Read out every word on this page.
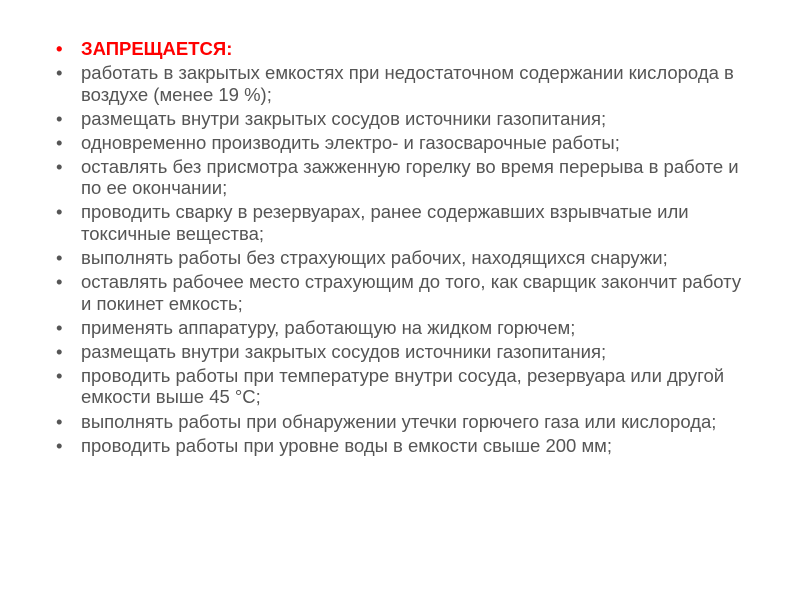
• ЗАПРЕЩАЕТСЯ:
• работать в закрытых емкостях при недостаточном содержании кислорода в воздухе (менее 19 %);
• размещать внутри закрытых сосудов источники газопитания;
• одновременно производить электро- и газосварочные работы;
• оставлять без присмотра зажженную горелку во время перерыва в работе и по ее окончании;
• проводить сварку в резервуарах, ранее содержавших взрывчатые или токсичные вещества;
• выполнять работы без страхующих рабочих, находящихся снаружи;
• оставлять рабочее место страхующим до того, как сварщик закончит работу и покинет емкость;
• применять аппаратуру, работающую на жидком горючем;
• размещать внутри закрытых сосудов источники газопитания;
• проводить работы при температуре внутри сосуда, резервуара или другой емкости выше 45 °С;
• выполнять работы при обнаружении утечки горючего газа или кислорода;
• проводить работы при уровне воды в емкости свыше 200 мм;
